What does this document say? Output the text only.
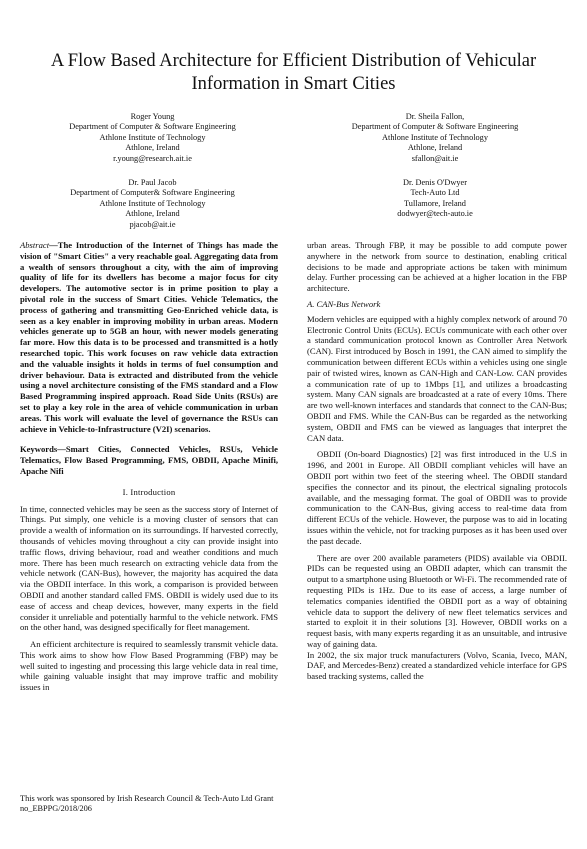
A Flow Based Architecture for Efficient Distribution of Vehicular Information in Smart Cities
Roger Young
Department of Computer & Software Engineering
Athlone Institute of Technology
Athlone, Ireland
r.young@research.ait.ie
Dr. Sheila Fallon,
Department of Computer & Software Engineering
Athlone Institute of Technology
Athlone, Ireland
sfallon@ait.ie
Dr. Paul Jacob
Department of Computer& Software Engineering
Athlone Institute of Technology
Athlone, Ireland
pjacob@ait.ie
Dr. Denis O'Dwyer
Tech-Auto Ltd
Tullamore, Ireland
dodwyer@tech-auto.ie

Abstract—The Introduction of the Internet of Things has made the vision of "Smart Cities" a very reachable goal. Aggregating data from a wealth of sensors throughout a city, with the aim of improving quality of life for its dwellers has become a major focus for city developers. The automotive sector is in prime position to play a pivotal role in the success of Smart Cities. Vehicle Telematics, the process of gathering and transmitting Geo-Enriched vehicle data, is seen as a key enabler in improving mobility in urban areas. Modern vehicles generate up to 5GB an hour, with newer models generating far more. How this data is to be processed and transmitted is a hotly researched topic. This work focuses on raw vehicle data extraction and the valuable insights it holds in terms of fuel consumption and driver behaviour. Data is extracted and distributed from the vehicle using a novel architecture consisting of the FMS standard and a Flow Based Programming inspired approach. Road Side Units (RSUs) are set to play a key role in the area of vehicle communication in urban areas. This work will evaluate the level of governance the RSUs can achieve in Vehicle-to-Infrastructure (V2I) scenarios.

Keywords—Smart Cities, Connected Vehicles, RSUs, Vehicle Telematics, Flow Based Programming, FMS, OBDII, Apache Minifi, Apache Nifi

I. Introduction

In time, connected vehicles may be seen as the success story of Internet of Things. Put simply, one vehicle is a moving cluster of sensors that can provide a wealth of information on its surroundings. If harvested correctly, thousands of vehicles moving throughout a city can provide insight into traffic flows, driving behaviour, road and weather conditions and much more. There has been much research on extracting vehicle data from the vehicle network (CAN-Bus), however, the majority has acquired the data via the OBDII interface. In this work, a comparison is provided between OBDII and another standard called FMS. OBDII is widely used due to its ease of access and cheap devices, however, many experts in the field consider it unreliable and potentially harmful to the vehicle network. FMS on the other hand, was designed specifically for fleet management.

An efficient architecture is required to seamlessly transmit vehicle data. This work aims to show how Flow Based Programming (FBP) may be well suited to ingesting and processing this large vehicle data in real time, while gaining valuable insight that may improve traffic and mobility issues in

This work was sponsored by Irish Research Council & Tech-Auto Ltd Grant no_EBPPG/2018/206

urban areas. Through FBP, it may be possible to add compute power anywhere in the network from source to destination, enabling critical decisions to be made and appropriate actions be taken with minimum delay. Further processing can be achieved at a higher location in the FBP architecture.

A. CAN-Bus Network

Modern vehicles are equipped with a highly complex network of around 70 Electronic Control Units (ECUs). ECUs communicate with each other over a standard communication protocol known as Controller Area Network (CAN). First introduced by Bosch in 1991, the CAN aimed to simplify the communication between different ECUs within a vehicles using one single pair of twisted wires, known as CAN-High and CAN-Low. CAN provides a communication rate of up to 1Mbps [1], and utilizes a broadcasting system. Many CAN signals are broadcasted at a rate of every 10ms. There are two well-known interfaces and standards that connect to the CAN-Bus; OBDII and FMS. While the CAN-Bus can be regarded as the networking system, OBDII and FMS can be viewed as languages that interpret the CAN data.

OBDII (On-board Diagnostics) [2] was first introduced in the U.S in 1996, and 2001 in Europe. All OBDII compliant vehicles will have an OBDII port within two feet of the steering wheel. The OBDII standard specifies the connector and its pinout, the electrical signaling protocols available, and the messaging format. The goal of OBDII was to provide communication to the CAN-Bus, giving access to real-time data from different ECUs of the vehicle. However, the purpose was to aid in locating issues within the vehicle, not for tracking purposes as it has been used over the past decade.

There are over 200 available parameters (PIDS) available via OBDII. PIDs can be requested using an OBDII adapter, which can transmit the output to a smartphone using Bluetooth or Wi-Fi. The recommended rate of requesting PIDs is 1Hz. Due to its ease of access, a large number of telematics companies identified the OBDII port as a way of obtaining vehicle data to support the delivery of new fleet telematics services and started to exploit it in their solutions [3]. However, OBDII works on a request basis, with many experts regarding it as an unsuitable, and intrusive way of gaining data.

In 2002, the six major truck manufacturers (Volvo, Scania, Iveco, MAN, DAF, and Mercedes-Benz) created a standardized vehicle interface for GPS based tracking systems, called the
